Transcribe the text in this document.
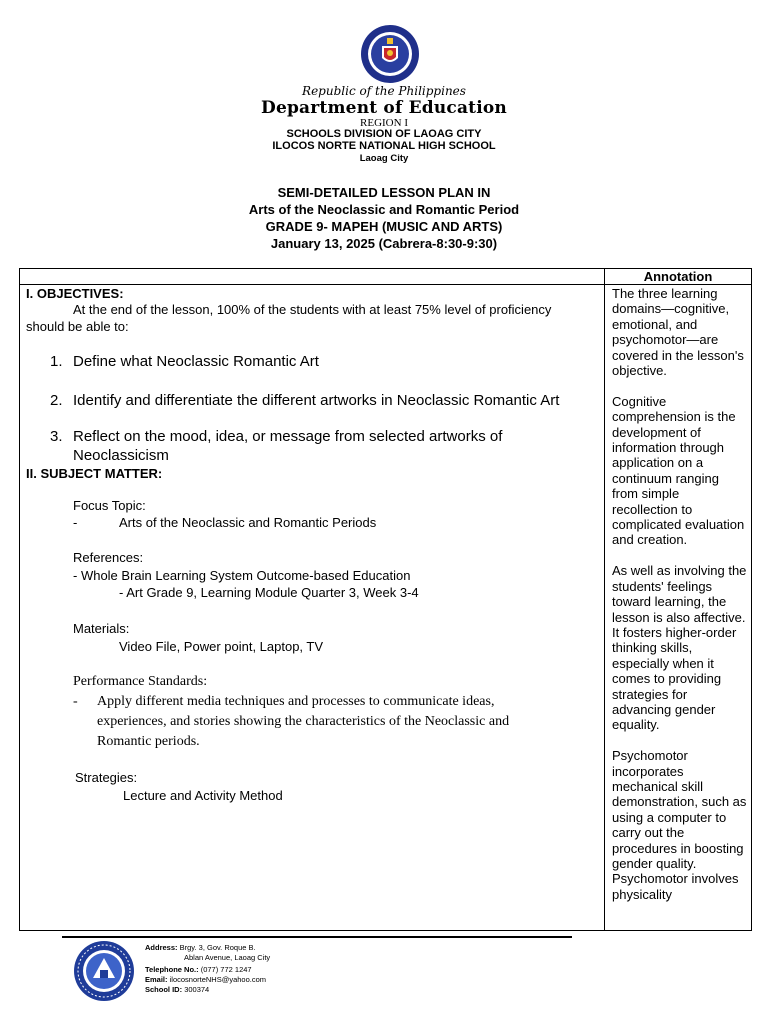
Republic of the Philippines
Department of Education
REGION I
SCHOOLS DIVISION OF LAOAG CITY
ILOCOS NORTE NATIONAL HIGH SCHOOL
Laoag City
SEMI-DETAILED LESSON PLAN IN
Arts of the Neoclassic and Romantic Period
GRADE 9- MAPEH (MUSIC AND ARTS)
January 13, 2025 (Cabrera-8:30-9:30)
Annotation
I. OBJECTIVES:
At the end of the lesson, 100% of the students with at least 75% level of proficiency
should be able to:
1. Define what Neoclassic Romantic Art
2. Identify and differentiate the different artworks in Neoclassic Romantic Art
3. Reflect on the mood, idea, or message from selected artworks of
Neoclassicism
II. SUBJECT MATTER:
Focus Topic:
-	Arts of the Neoclassic and Romantic Periods
References:
- Whole Brain Learning System Outcome-based Education
- Art Grade 9, Learning Module Quarter 3, Week 3-4
Materials:
Video File, Power point, Laptop, TV
Performance Standards:
- Apply different media techniques and processes to communicate ideas,
experiences, and stories showing the characteristics of the Neoclassic and
Romantic periods.
Strategies:
Lecture and Activity Method

The three learning domains—cognitive, emotional, and psychomotor—are covered in the lesson's objective.

Cognitive comprehension is the development of information through application on a continuum ranging from simple recollection to complicated evaluation and creation.

As well as involving the students' feelings toward learning, the lesson is also affective. It fosters higher-order thinking skills, especially when it comes to providing strategies for advancing gender equality.

Psychomotor incorporates mechanical skill demonstration, such as using a computer to carry out the procedures in boosting gender quality. Psychomotor involves physicality

Address: Brgy. 3, Gov. Roque B.
Ablan Avenue, Laoag City
Telephone No.: (077) 772 1247
Email: ilocosnorteNHS@yahoo.com
School ID: 300374
